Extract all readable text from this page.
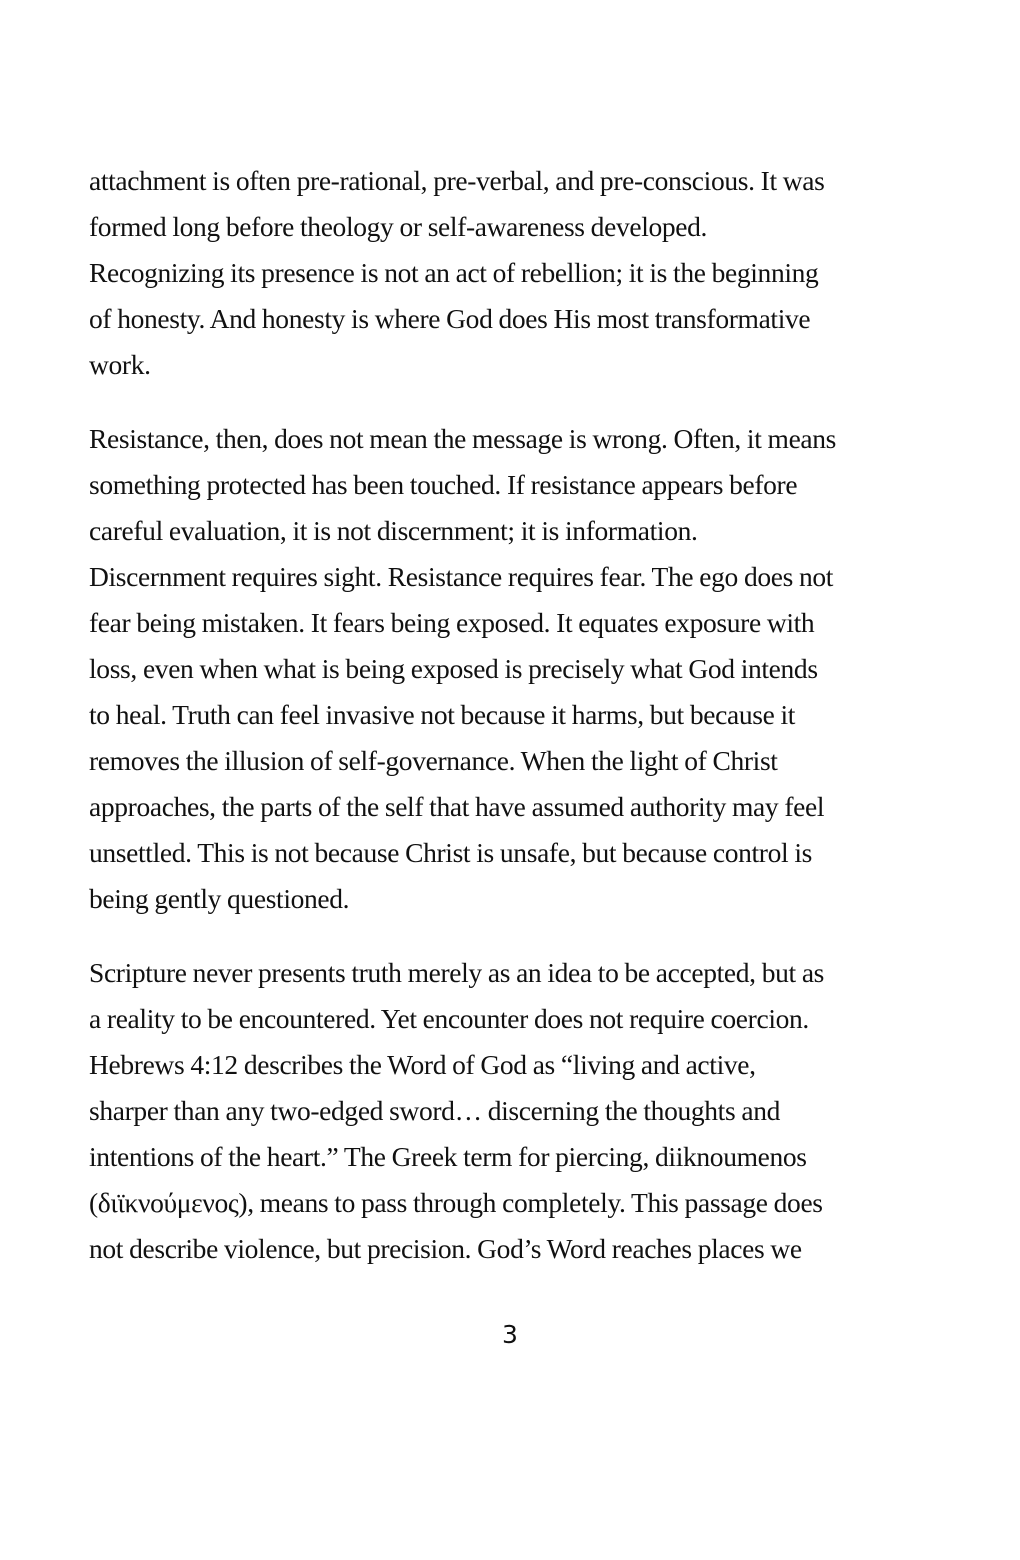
attachment is often pre-rational, pre-verbal, and pre-conscious. It was
formed long before theology or self-awareness developed.
Recognizing its presence is not an act of rebellion; it is the beginning
of honesty. And honesty is where God does His most transformative
work.
Resistance, then, does not mean the message is wrong. Often, it means
something protected has been touched. If resistance appears before
careful evaluation, it is not discernment; it is information.
Discernment requires sight. Resistance requires fear. The ego does not
fear being mistaken. It fears being exposed. It equates exposure with
loss, even when what is being exposed is precisely what God intends
to heal. Truth can feel invasive not because it harms, but because it
removes the illusion of self-governance. When the light of Christ
approaches, the parts of the self that have assumed authority may feel
unsettled. This is not because Christ is unsafe, but because control is
being gently questioned.
Scripture never presents truth merely as an idea to be accepted, but as
a reality to be encountered. Yet encounter does not require coercion.
Hebrews 4:12 describes the Word of God as “living and active,
sharper than any two-edged sword… discerning the thoughts and
intentions of the heart.” The Greek term for piercing, diiknoumenos
(διϊκνούμενος), means to pass through completely. This passage does
not describe violence, but precision. God’s Word reaches places we
3
